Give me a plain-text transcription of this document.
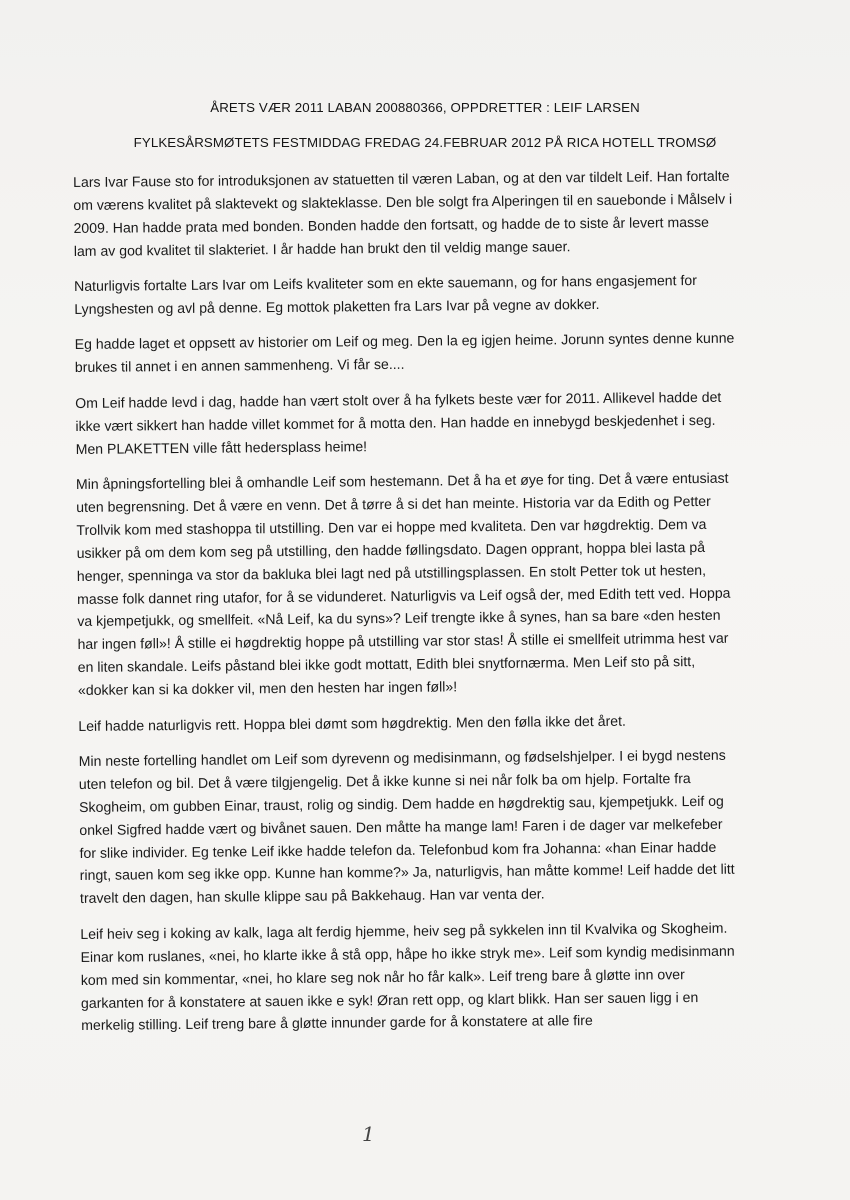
ÅRETS VÆR 2011 LABAN 200880366, OPPDRETTER : LEIF LARSEN
FYLKESÅRSMØTETS FESTMIDDAG FREDAG 24.FEBRUAR 2012 PÅ RICA HOTELL TROMSØ

Lars Ivar Fause sto for introduksjonen av statuetten til væren Laban, og at den var tildelt Leif. Han fortalte om værens kvalitet på slaktevekt og slakteklasse. Den ble solgt fra Alperingen til en sauebonde i Målselv i 2009. Han hadde prata med bonden. Bonden hadde den fortsatt, og hadde de to siste år levert masse lam av god kvalitet til slakteriet. I år hadde han brukt den til veldig mange sauer.

Naturligvis fortalte Lars Ivar om Leifs kvaliteter som en ekte sauemann, og for hans engasjement for Lyngshesten og avl på denne. Eg mottok plaketten fra Lars Ivar på vegne av dokker.

Eg hadde laget et oppsett av historier om Leif og meg. Den la eg igjen heime. Jorunn syntes denne kunne brukes til annet i en annen sammenheng. Vi får se....

Om Leif hadde levd i dag, hadde han vært stolt over å ha fylkets beste vær for 2011. Allikevel hadde det ikke vært sikkert han hadde villet kommet for å motta den. Han hadde en innebygd beskjedenhet i seg. Men PLAKETTEN ville fått hedersplass heime!

Min åpningsfortelling blei å omhandle Leif som hestemann. Det å ha et øye for ting. Det å være entusiast uten begrensning. Det å være en venn. Det å tørre å si det han meinte. Historia var da Edith og Petter Trollvik kom med stashoppa til utstilling. Den var ei hoppe med kvaliteta. Den var høgdrektig. Dem va usikker på om dem kom seg på utstilling, den hadde føllingsdato. Dagen opprant, hoppa blei lasta på henger, spenninga va stor da bakluka blei lagt ned på utstillingsplassen. En stolt Petter tok ut hesten, masse folk dannet ring utafor, for å se vidunderet. Naturligvis va Leif også der, med Edith tett ved. Hoppa va kjempetjukk, og smellfeit. «Nå Leif, ka du syns»? Leif trengte ikke å synes, han sa bare «den hesten har ingen føll»! Å stille ei høgdrektig hoppe på utstilling var stor stas! Å stille ei smellfeit utrimma hest var en liten skandale. Leifs påstand blei ikke godt mottatt, Edith blei snytfornærma. Men Leif sto på sitt, «dokker kan si ka dokker vil, men den hesten har ingen føll»!

Leif hadde naturligvis rett. Hoppa blei dømt som høgdrektig. Men den følla ikke det året.

Min neste fortelling handlet om Leif som dyrevenn og medisinmann, og fødselshjelper. I ei bygd nestens uten telefon og bil. Det å være tilgjengelig. Det å ikke kunne si nei når folk ba om hjelp. Fortalte fra Skogheim, om gubben Einar, traust, rolig og sindig. Dem hadde en høgdrektig sau, kjempetjukk. Leif og onkel Sigfred hadde vært og bivånet sauen. Den måtte ha mange lam! Faren i de dager var melkefeber for slike individer. Eg tenke Leif ikke hadde telefon da. Telefonbud kom fra Johanna: «han Einar hadde ringt, sauen kom seg ikke opp. Kunne han komme?» Ja, naturligvis, han måtte komme! Leif hadde det litt travelt den dagen, han skulle klippe sau på Bakkehaug. Han var venta der.

Leif heiv seg i koking av kalk, laga alt ferdig hjemme, heiv seg på sykkelen inn til Kvalvika og Skogheim. Einar kom ruslanes, «nei, ho klarte ikke å stå opp, håpe ho ikke stryk me». Leif som kyndig medisinmann kom med sin kommentar, «nei, ho klare seg nok når ho får kalk». Leif treng bare å gløtte inn over garkanten for å konstatere at sauen ikke e syk! Øran rett opp, og klart blikk. Han ser sauen ligg i en merkelig stilling. Leif treng bare å gløtte innunder garde for å konstatere at alle fire

1
